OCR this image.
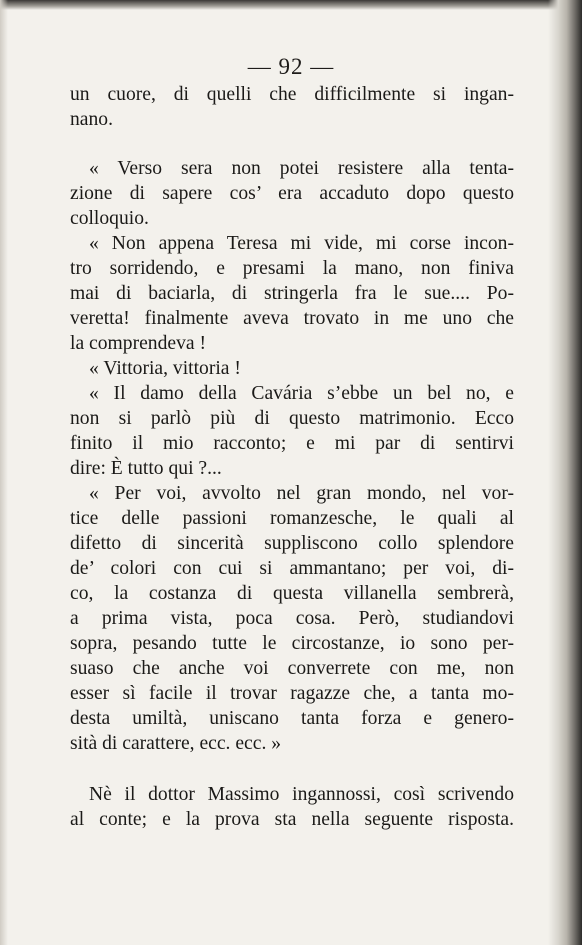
— 92 —
un cuore, di quelli che difficilmente si ingan-
nano.
« Verso sera non potei resistere alla tenta-
zione di sapere cos’ era accaduto dopo questo
colloquio.
« Non appena Teresa mi vide, mi corse incon-
tro sorridendo, e presami la mano, non finiva
mai di baciarla, di stringerla fra le sue.... Po-
veretta! finalmente aveva trovato in me uno che
la comprendeva !
« Vittoria, vittoria !
« Il damo della Cavária s’ebbe un bel no, e
non si parlò più di questo matrimonio. Ecco
finito il mio racconto; e mi par di sentirvi
dire: È tutto qui ?...
« Per voi, avvolto nel gran mondo, nel vor-
tice delle passioni romanzesche, le quali al
difetto di sincerità suppliscono collo splendore
de’ colori con cui si ammantano; per voi, di-
co, la costanza di questa villanella sembrerà,
a prima vista, poca cosa. Però, studiandovi
sopra, pesando tutte le circostanze, io sono per-
suaso che anche voi converrete con me, non
esser sì facile il trovar ragazze che, a tanta mo-
desta umiltà, uniscano tanta forza e genero-
sità di carattere, ecc. ecc. »
Nè il dottor Massimo ingannossi, così scrivendo
al conte; e la prova sta nella seguente risposta.
